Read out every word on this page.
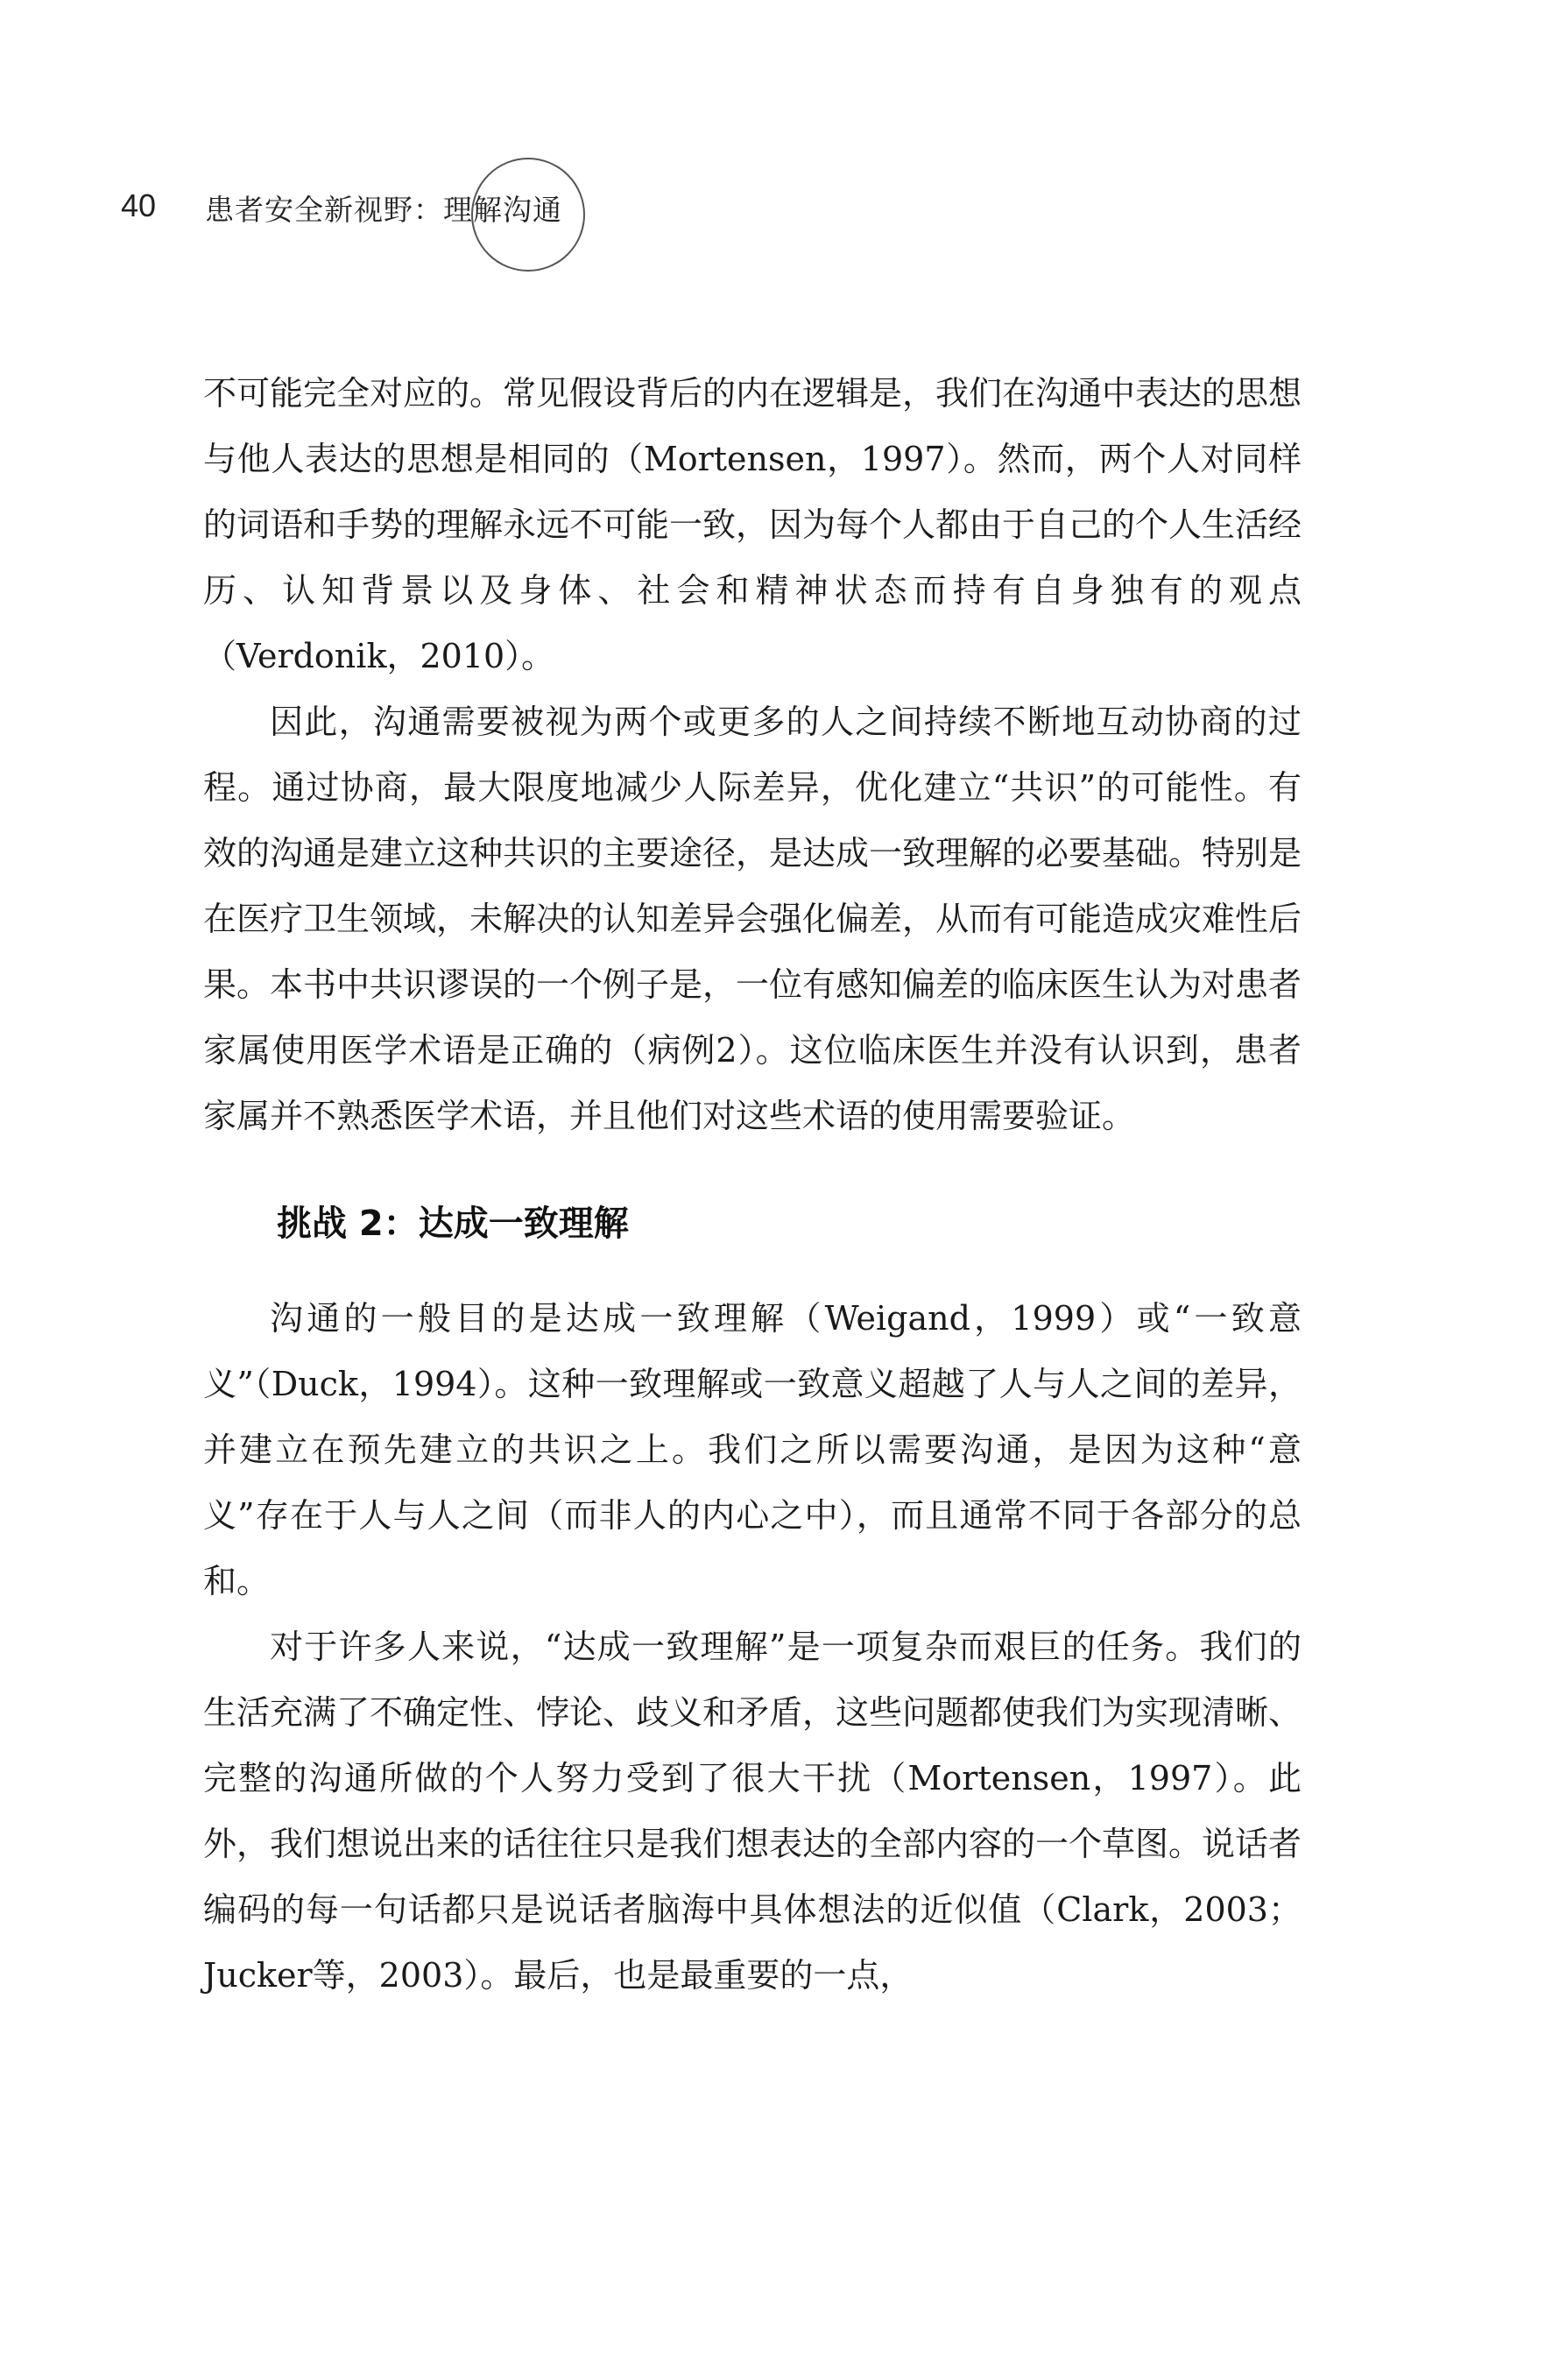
40 患者安全新视野：理解沟通

不可能完全对应的。常见假设背后的内在逻辑是，我们在沟通中表达的思想与他人表达的思想是相同的（Mortensen，1997）。然而，两个人对同样的词语和手势的理解永远不可能一致，因为每个人都由于自己的个人生活经历、认知背景以及身体、社会和精神状态而持有自身独有的观点（Verdonik，2010）。

因此，沟通需要被视为两个或更多的人之间持续不断地互动协商的过程。通过协商，最大限度地减少人际差异，优化建立“共识”的可能性。有效的沟通是建立这种共识的主要途径，是达成一致理解的必要基础。特别是在医疗卫生领域，未解决的认知差异会强化偏差，从而有可能造成灾难性后果。本书中共识谬误的一个例子是，一位有感知偏差的临床医生认为对患者家属使用医学术语是正确的（病例2）。这位临床医生并没有认识到，患者家属并不熟悉医学术语，并且他们对这些术语的使用需要验证。

挑战 2：达成一致理解

沟通的一般目的是达成一致理解（Weigand，1999）或“一致意义”（Duck，1994）。这种一致理解或一致意义超越了人与人之间的差异，并建立在预先建立的共识之上。我们之所以需要沟通，是因为这种“意义”存在于人与人之间（而非人的内心之中），而且通常不同于各部分的总和。

对于许多人来说，“达成一致理解”是一项复杂而艰巨的任务。我们的生活充满了不确定性、悖论、歧义和矛盾，这些问题都使我们为实现清晰、完整的沟通所做的个人努力受到了很大干扰（Mortensen，1997）。此外，我们想说出来的话往往只是我们想表达的全部内容的一个草图。说话者编码的每一句话都只是说话者脑海中具体想法的近似值（Clark，2003；Jucker等，2003）。最后，也是最重要的一点，
